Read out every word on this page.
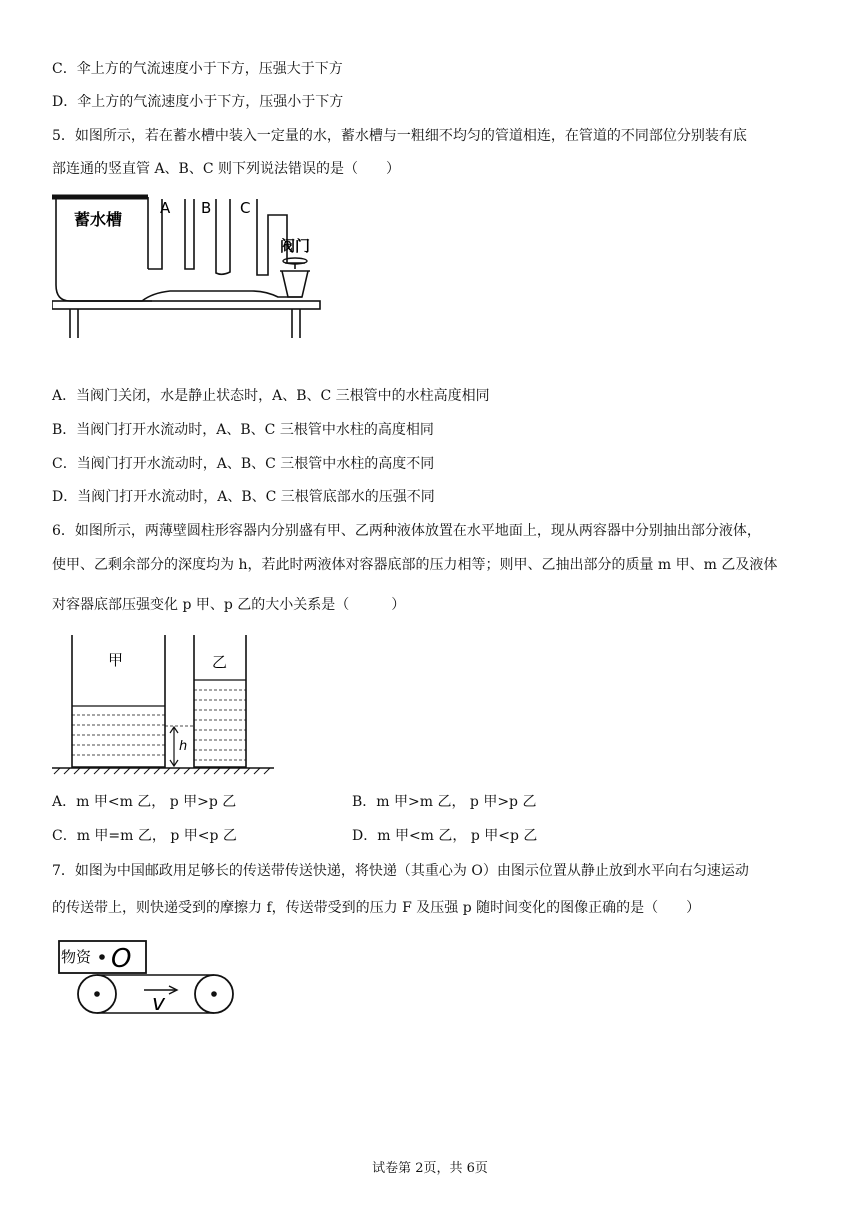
C．伞上方的气流速度小于下方，压强大于下方
D．伞上方的气流速度小于下方，压强小于下方
5．如图所示，若在蓄水槽中装入一定量的水，蓄水槽与一粗细不均匀的管道相连，在管道的不同部位分别装有底
部连通的竖直管 A、B、C 则下列说法错误的是（　　）
蓄水槽
A B C
阀门
A．当阀门关闭，水是静止状态时，A、B、C 三根管中的水柱高度相同
B．当阀门打开水流动时，A、B、C 三根管中水柱的高度相同
C．当阀门打开水流动时，A、B、C 三根管中水柱的高度不同
D．当阀门打开水流动时，A、B、C 三根管底部水的压强不同
6．如图所示，两薄壁圆柱形容器内分别盛有甲、乙两种液体放置在水平地面上，现从两容器中分别抽出部分液体，
使甲、乙剩余部分的深度均为 h，若此时两液体对容器底部的压力相等；则甲、乙抽出部分的质量 m 甲、m 乙及液体
对容器底部压强变化 p 甲、p 乙的大小关系是（　　　）
甲	乙
h
A．m 甲<m 乙， p 甲>p 乙	B．m 甲>m 乙， p 甲>p 乙
C．m 甲=m 乙， p 甲<p 乙	D．m 甲<m 乙， p 甲<p 乙
7．如图为中国邮政用足够长的传送带传送快递，将快递（其重心为 O）由图示位置从静止放到水平向右匀速运动
的传送带上，则快递受到的摩擦力 f，传送带受到的压力 F 及压强 p 随时间变化的图像正确的是（　　）
物资 O
v
试卷第 2页，共 6页
